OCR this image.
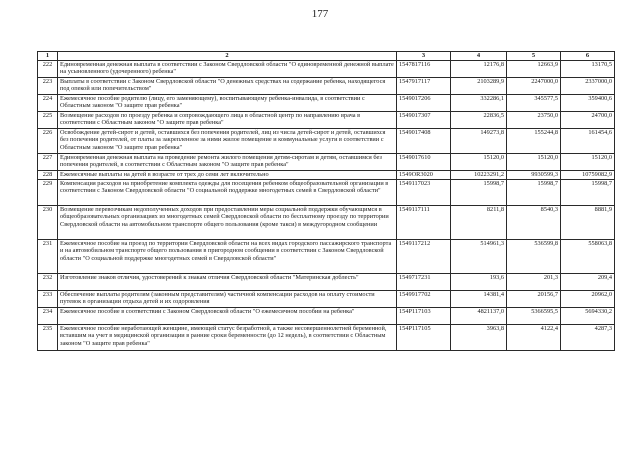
177
1	2	3	4	5	6
222	Единовременная денежная выплата в соответствии с Законом Свердловской области "О единовременной денежной выплате на усыновленного (удочеренного) ребенка"	1547817116	12176,8	12663,9	13170,5
223	Выплаты в соответствии с Законом Свердловской области "О денежных средствах на содержание ребенка, находящегося под опекой или попечительством"	1547917117	2103289,9	2247000,0	2337000,0
224	Ежемесячное пособие родителю (лицу, его заменяющему), воспитывающему ребенка-инвалида, в соответствии с Областным законом "О защите прав ребенка"	1549017206	332286,1	345577,5	359400,6
225	Возмещение расходов по проезду ребенка и сопровождающего лица в областной центр по направлению врача в соответствии с Областным законом "О защите прав ребенка"	1549017307	22836,5	23750,0	24700,0
226	Освобождение детей-сирот и детей, оставшихся без попечения родителей, лиц из числа детей-сирот и детей, оставшихся без попечения родителей, от платы за закрепленное за ними жилое помещение и коммунальные услуги в соответствии с Областным законом "О защите прав ребенка"	1549017408	149273,8	155244,8	161454,6
227	Единовременная денежная выплата на проведение ремонта жилого помещения детям-сиротам и детям, оставшимся без попечения родителей, в соответствии с Областным законом "О защите прав ребенка"	1549017610	15120,0	15120,0	15120,0
228	Ежемесячные выплаты на детей в возрасте от трех до семи лет включительно	1549OR3020	10223291,2	9930599,3	10759082,9
229	Компенсация расходов на приобретение комплекта одежды для посещения ребенком общеобразовательной организации в соответствии с Законом Свердловской области "О социальной поддержке многодетных семей в Свердловской области"	1549117023	15998,7	15998,7	15998,7
230	Возмещение перевозчикам недополученных доходов при предоставлении меры социальной поддержки обучающимся в общеобразовательных организациях из многодетных семей Свердловской области по бесплатному проезду по территории Свердловской области на автомобильном транспорте общего пользования (кроме такси) в междугородном сообщении	1549117111	8211,8	8540,3	8881,9
231	Ежемесячное пособие на проезд по территории Свердловской области на всех видах городского пассажирского транспорта и на автомобильном транспорте общего пользования в пригородном сообщении в соответствии с Законом Свердловской области "О социальной поддержке многодетных семей в Свердловской области"	1549117212	514961,3	536599,8	558063,8
232	Изготовление знаков отличия, удостоверений к знакам отличия Свердловской области "Материнская доблесть"	1549717231	193,6	201,3	209,4
233	Обеспечение выплаты родителям (законным представителям) частичной компенсации расходов на оплату стоимости путевок в организации отдыха детей и их оздоровления	1549917702	14381,4	20156,7	20962,0
234	Ежемесячное пособие в соответствии с Законом Свердловской области "О ежемесячном пособии на ребенка"	154P117103	4821137,0	5366595,5	5694330,2
235	Ежемесячное пособие неработающей женщине, имеющей статус безработной, а также несовершеннолетней беременной, вставшим на учет в медицинской организации в ранние сроки беременности (до 12 недель), в соответствии с Областным законом "О защите прав ребенка"	154P117105	3963,8	4122,4	4287,3
